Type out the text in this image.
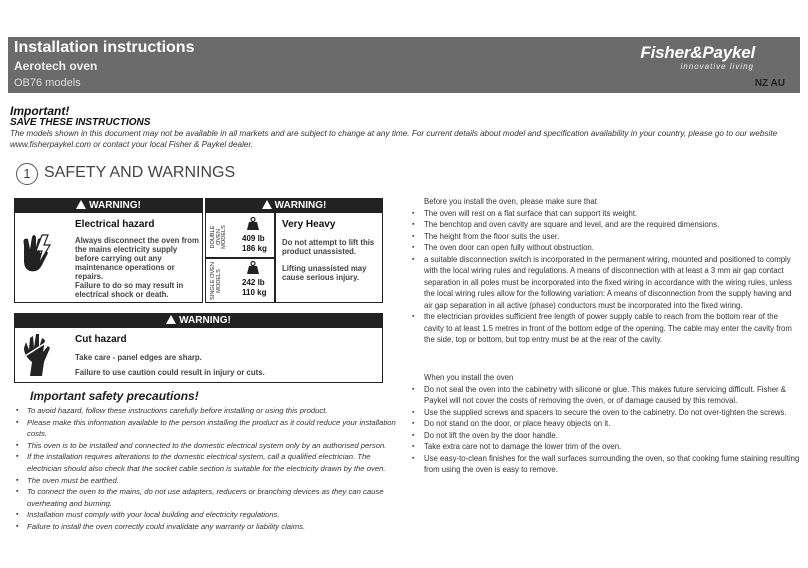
Installation instructions
Aerotech oven
OB76 models
Fisher&Paykel
innovative living
NZ AU
Important!
SAVE THESE INSTRUCTIONS
The models shown in this document may not be available in all markets and are subject to change at any time. For current details about model and specification availability in your country, please go to our website www.fisherpaykel.com or contact your local Fisher & Paykel dealer.
1 SAFETY AND WARNINGS
WARNING!
Electrical hazard
Always disconnect the oven from the mains electricity supply before carrying out any maintenance operations or repairs.
Failure to do so may result in electrical shock or death.
WARNING!
DOUBLE OVEN MODELS 409 lb
186 kg
SINGLE OVEN MODELS	242 lb
110 kg
Very Heavy
Do not attempt to lift this product unassisted.
Lifting unassisted may cause serious injury.
WARNING!
Cut hazard
Take care - panel edges are sharp.
Failure to use caution could result in injury or cuts.
Important safety precautions!
▪ To avoid hazard, follow these instructions carefully before installing or using this product.
▪ Please make this information available to the person installing the product as it could reduce your installation costs.
▪ This oven is to be installed and connected to the domestic electrical system only by an authorised person.
▪ If the installation requires alterations to the domestic electrical system, call a qualified electrician. The electrician should also check that the socket cable section is suitable for the electricity drawn by the oven.
▪ The oven must be earthed.
▪ To connect the oven to the mains, do not use adapters, reducers or branching devices as they can cause overheating and burning.
▪ Installation must comply with your local building and electricity regulations.
▪ Failure to install the oven correctly could invalidate any warranty or liability claims.
Before you install the oven, please make sure that
▪ The oven will rest on a flat surface that can support its weight.
▪ The benchtop and oven cavity are square and level, and are the required dimensions.
▪ The height from the floor suits the user.
▪ The oven door can open fully without obstruction.
▪ a suitable disconnection switch is incorporated in the permanent wiring, mounted and positioned to comply with the local wiring rules and regulations. A means of disconnection with at least a 3 mm air gap contact separation in all poles must be incorporated into the fixed wiring in accordance with the wiring rules, unless the local wiring rules allow for the following variation: A means of disconnection from the supply having and air gap separation in all active (phase) conductors must be incorporated into the fixed wiring.
▪ the electrician provides sufficient free length of power supply cable to reach from the bottom rear of the cavity to at least 1.5 metres in front of the bottom edge of the opening. The cable may enter the cavity from the side, top or bottom, but top entry must be at the rear of the cavity.
When you install the oven
▪ Do not seal the oven into the cabinetry with silicone or glue. This makes future servicing difficult. Fisher & Paykel will not cover the costs of removing the oven, or of damage caused by this removal.
▪ Use the supplied screws and spacers to secure the oven to the cabinetry. Do not over-tighten the screws.
▪ Do not stand on the door, or place heavy objects on it.
▪ Do not lift the oven by the door handle.
▪ Take extra care not to damage the lower trim of the oven.
▪ Use easy-to-clean finishes for the wall surfaces surrounding the oven, so that cooking fume staining resulting from using the oven is easy to remove.
